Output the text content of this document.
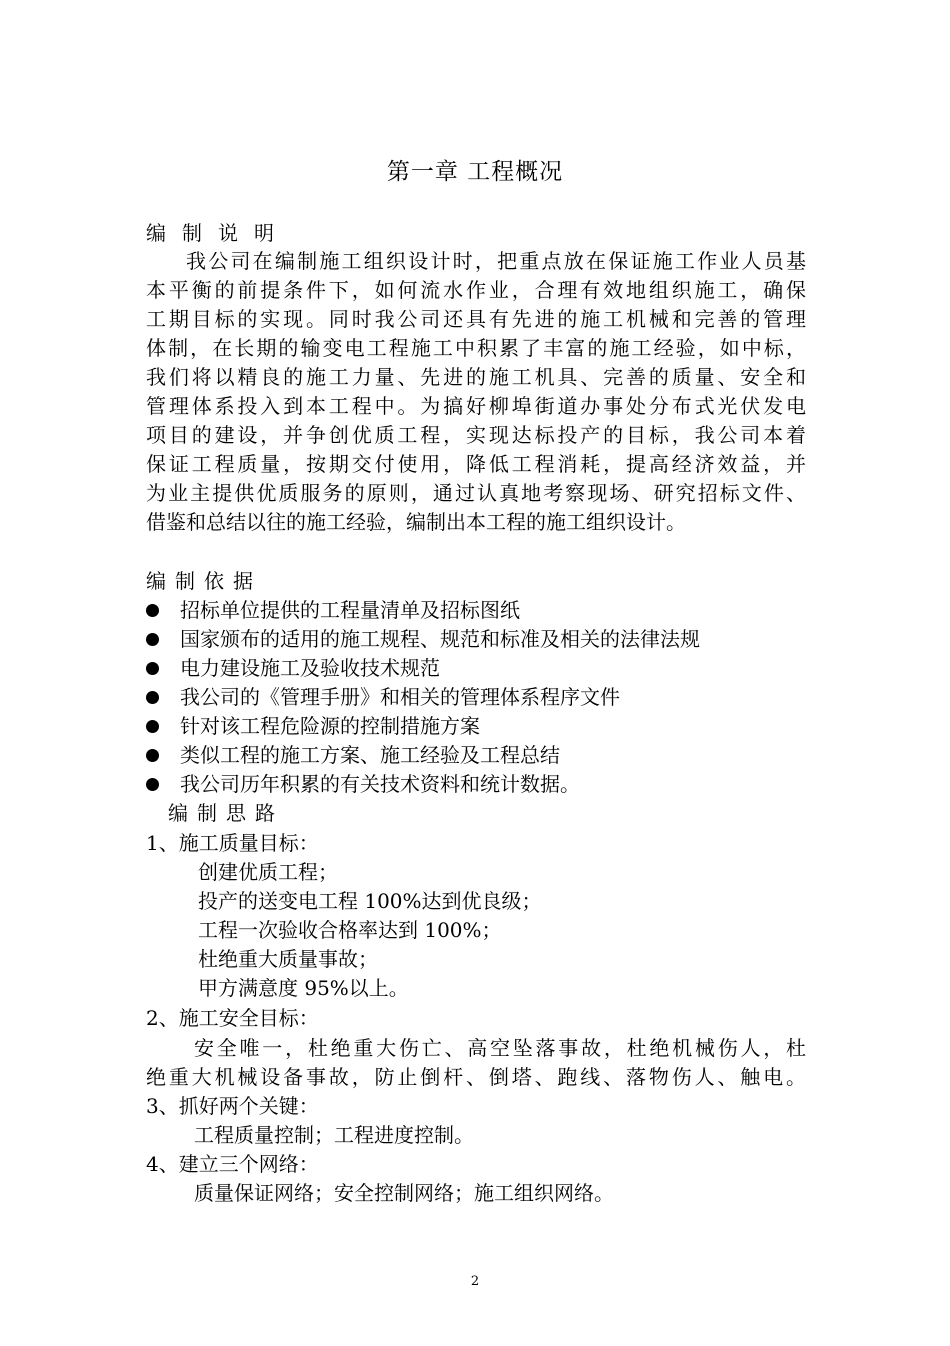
第一章 工程概况

编制说明

我公司在编制施工组织设计时，把重点放在保证施工作业人员基
本平衡的前提条件下，如何流水作业，合理有效地组织施工，确保
工期目标的实现。同时我公司还具有先进的施工机械和完善的管理
体制，在长期的输变电工程施工中积累了丰富的施工经验，如中标，
我们将以精良的施工力量、先进的施工机具、完善的质量、安全和
管理体系投入到本工程中。为搞好柳埠街道办事处分布式光伏发电
项目的建设，并争创优质工程，实现达标投产的目标，我公司本着
保证工程质量，按期交付使用，降低工程消耗，提高经济效益，并
为业主提供优质服务的原则，通过认真地考察现场、研究招标文件、
借鉴和总结以往的施工经验，编制出本工程的施工组织设计。

编制依据

招标单位提供的工程量清单及招标图纸
国家颁布的适用的施工规程、规范和标准及相关的法律法规
电力建设施工及验收技术规范
我公司的《管理手册》和相关的管理体系程序文件
针对该工程危险源的控制措施方案
类似工程的施工方案、施工经验及工程总结
我公司历年积累的有关技术资料和统计数据。

编制思路

1、施工质量目标：

创建优质工程；

投产的送变电工程 100%达到优良级；

工程一次验收合格率达到 100%；

杜绝重大质量事故；

甲方满意度 95%以上。

2、施工安全目标：

安全唯一，杜绝重大伤亡、高空坠落事故，杜绝机械伤人，杜
绝重大机械设备事故，防止倒杆、倒塔、跑线、落物伤人、触电。

3、抓好两个关键：

工程质量控制；工程进度控制。

4、建立三个网络：

质量保证网络；安全控制网络；施工组织网络。

2
